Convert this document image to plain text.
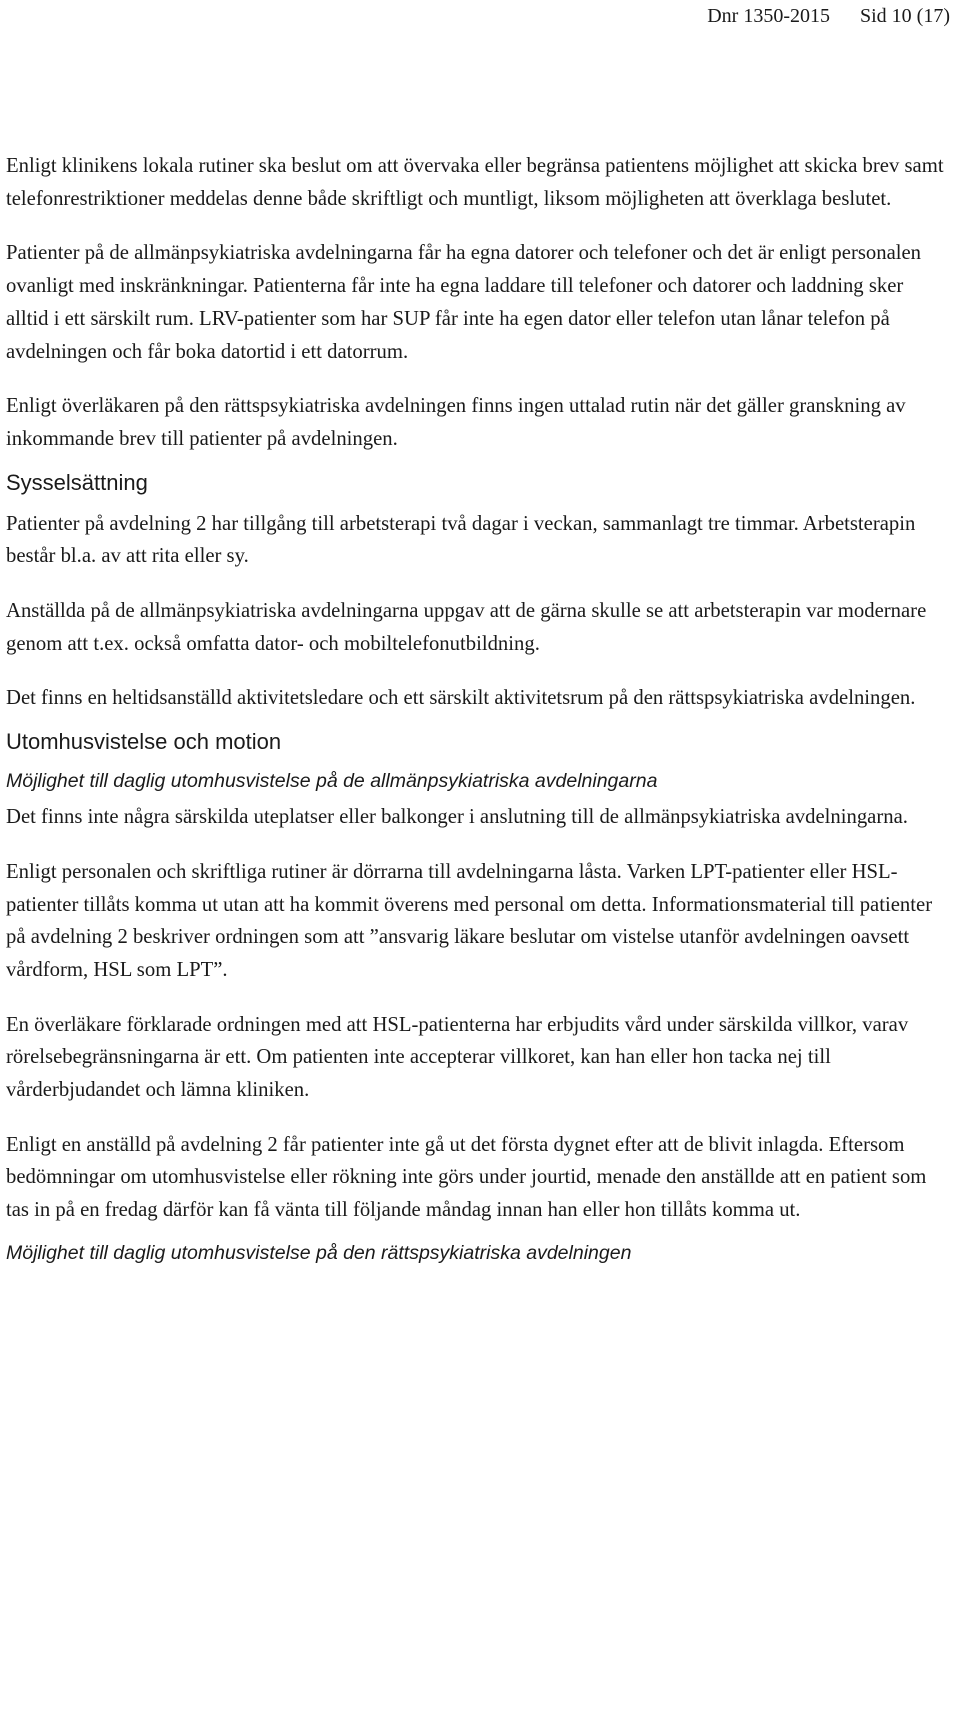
Dnr 1350-2015 Sid 10 (17)

Enligt klinikens lokala rutiner ska beslut om att övervaka eller begränsa patientens möjlighet att skicka brev samt telefonrestriktioner meddelas denne både skriftligt och muntligt, liksom möjligheten att överklaga beslutet.

Patienter på de allmänpsykiatriska avdelningarna får ha egna datorer och telefoner och det är enligt personalen ovanligt med inskränkningar. Patienterna får inte ha egna laddare till telefoner och datorer och laddning sker alltid i ett särskilt rum. LRV-patienter som har SUP får inte ha egen dator eller telefon utan lånar telefon på avdelningen och får boka datortid i ett datorrum.

Enligt överläkaren på den rättspsykiatriska avdelningen finns ingen uttalad rutin när det gäller granskning av inkommande brev till patienter på avdelningen.

Sysselsättning

Patienter på avdelning 2 har tillgång till arbetsterapi två dagar i veckan, sammanlagt tre timmar. Arbetsterapin består bl.a. av att rita eller sy.

Anställda på de allmänpsykiatriska avdelningarna uppgav att de gärna skulle se att arbetsterapin var modernare genom att t.ex. också omfatta dator- och mobiltelefonutbildning.

Det finns en heltidsanställd aktivitetsledare och ett särskilt aktivitetsrum på den rättspsykiatriska avdelningen.

Utomhusvistelse och motion
Möjlighet till daglig utomhusvistelse på de allmänpsykiatriska avdelningarna

Det finns inte några särskilda uteplatser eller balkonger i anslutning till de allmänpsykiatriska avdelningarna.

Enligt personalen och skriftliga rutiner är dörrarna till avdelningarna låsta. Varken LPT-patienter eller HSL-patienter tillåts komma ut utan att ha kommit överens med personal om detta. Informationsmaterial till patienter på avdelning 2 beskriver ordningen som att ”ansvarig läkare beslutar om vistelse utanför avdelningen oavsett vårdform, HSL som LPT”.

En överläkare förklarade ordningen med att HSL-patienterna har erbjudits vård under särskilda villkor, varav rörelsebegränsningarna är ett. Om patienten inte accepterar villkoret, kan han eller hon tacka nej till vårderbjudandet och lämna kliniken.

Enligt en anställd på avdelning 2 får patienter inte gå ut det första dygnet efter att de blivit inlagda. Eftersom bedömningar om utomhusvistelse eller rökning inte görs under jourtid, menade den anställde att en patient som tas in på en fredag därför kan få vänta till följande måndag innan han eller hon tillåts komma ut.

Möjlighet till daglig utomhusvistelse på den rättspsykiatriska avdelningen
